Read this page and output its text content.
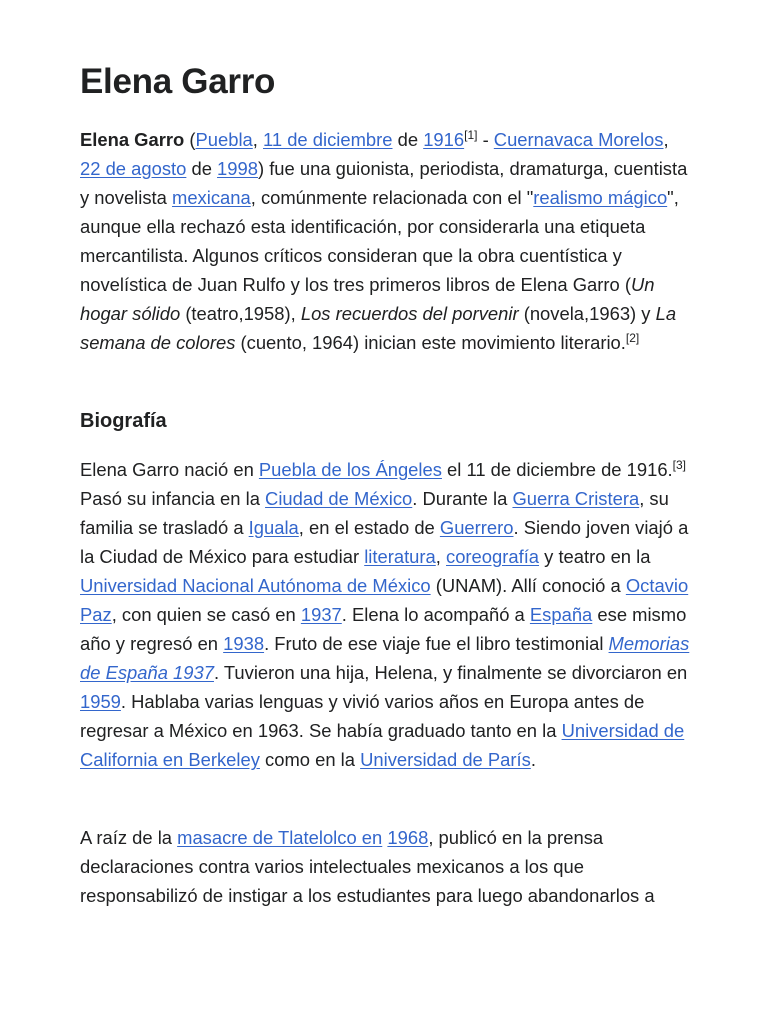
Elena Garro

Elena Garro (Puebla, 11 de diciembre de 1916[1] - Cuernavaca Morelos, 22 de agosto de 1998) fue una guionista, periodista, dramaturga, cuentista y novelista mexicana, comúnmente relacionada con el "realismo mágico", aunque ella rechazó esta identificación, por considerarla una etiqueta mercantilista. Algunos críticos consideran que la obra cuentística y novelística de Juan Rulfo y los tres primeros libros de Elena Garro (Un hogar sólido (teatro,1958), Los recuerdos del porvenir (novela,1963) y La semana de colores (cuento, 1964) inician este movimiento literario.[2]

Biografía

Elena Garro nació en Puebla de los Ángeles el 11 de diciembre de 1916.[3] Pasó su infancia en la Ciudad de México. Durante la Guerra Cristera, su familia se trasladó a Iguala, en el estado de Guerrero. Siendo joven viajó a la Ciudad de México para estudiar literatura, coreografía y teatro en la Universidad Nacional Autónoma de México (UNAM). Allí conoció a Octavio Paz, con quien se casó en 1937. Elena lo acompañó a España ese mismo año y regresó en 1938. Fruto de ese viaje fue el libro testimonial Memorias de España 1937. Tuvieron una hija, Helena, y finalmente se divorciaron en 1959. Hablaba varias lenguas y vivió varios años en Europa antes de regresar a México en 1963. Se había graduado tanto en la Universidad de California en Berkeley como en la Universidad de París.

A raíz de la masacre de Tlatelolco en 1968, publicó en la prensa declaraciones contra varios intelectuales mexicanos a los que responsabilizó de instigar a los estudiantes para luego abandonarlos a
